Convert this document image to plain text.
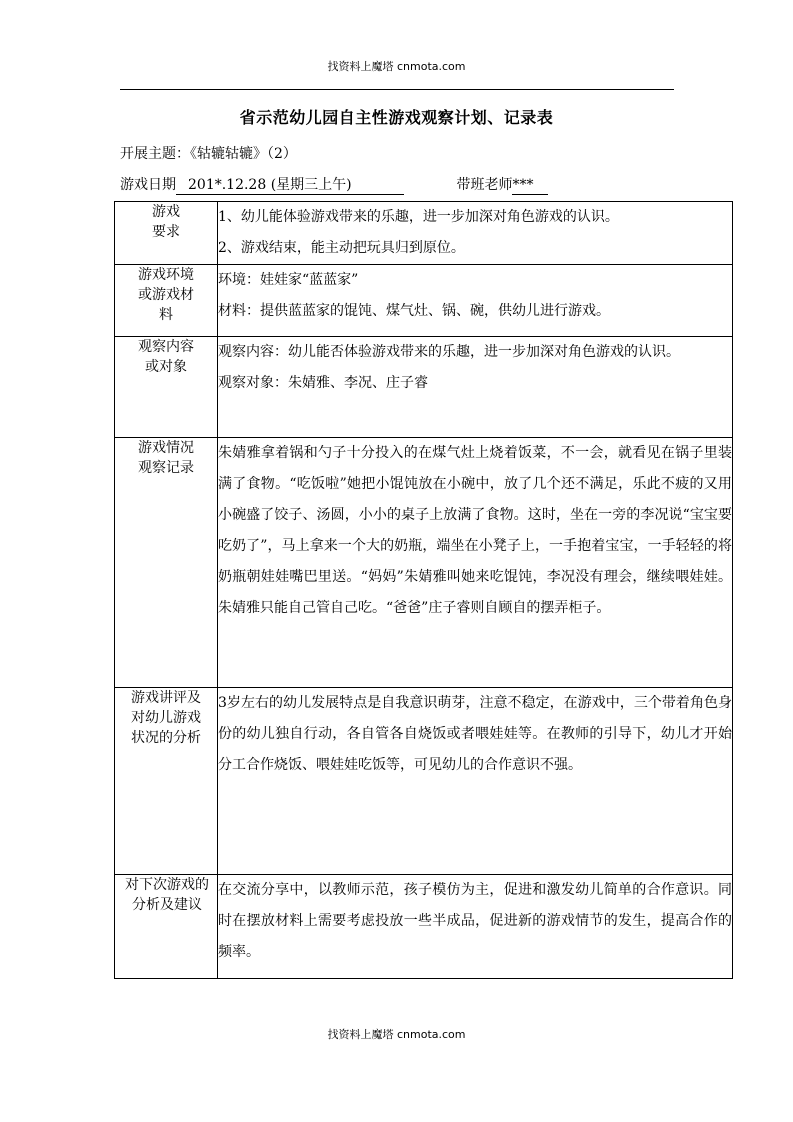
找资料上魔塔 cnmota.com
省示范幼儿园自主性游戏观察计划、记录表
开展主题：《轱辘轱辘》（2）
游戏日期 201*.12.28 (星期三上午)	带班老师***
游戏要求	1、幼儿能体验游戏带来的乐趣，进一步加深对角色游戏的认识。

2、游戏结束，能主动把玩具归到原位。

游戏环境或游戏材料	环境：娃娃家“蓝蓝家”

材料：提供蓝蓝家的馄饨、煤气灶、锅、碗，供幼儿进行游戏。

观察内容或对象	观察内容：幼儿能否体验游戏带来的乐趣，进一步加深对角色游戏的认识。

观察对象：朱婧雅、李况、庄子睿

游戏情况观察记录	朱婧雅拿着锅和勺子十分投入的在煤气灶上烧着饭菜，不一会，就看见在锅子里装满了食物。“吃饭啦”她把小馄饨放在小碗中，放了几个还不满足，乐此不疲的又用小碗盛了饺子、汤圆，小小的桌子上放满了食物。这时，坐在一旁的李况说“宝宝要吃奶了”，马上拿来一个大的奶瓶，端坐在小凳子上，一手抱着宝宝，一手轻轻的将奶瓶朝娃娃嘴巴里送。“妈妈”朱婧雅叫她来吃馄饨，李况没有理会，继续喂娃娃。朱婧雅只能自己管自己吃。“爸爸”庄子睿则自顾自的摆弄柜子。

游戏讲评及对幼儿游戏状况的分析	3岁左右的幼儿发展特点是自我意识萌芽，注意不稳定，在游戏中，三个带着角色身份的幼儿独自行动，各自管各自烧饭或者喂娃娃等。在教师的引导下，幼儿才开始分工合作烧饭、喂娃娃吃饭等，可见幼儿的合作意识不强。

对下次游戏的分析及建议	在交流分享中，以教师示范，孩子模仿为主，促进和激发幼儿简单的合作意识。同时在摆放材料上需要考虑投放一些半成品，促进新的游戏情节的发生，提高合作的频率。

找资料上魔塔 cnmota.com
